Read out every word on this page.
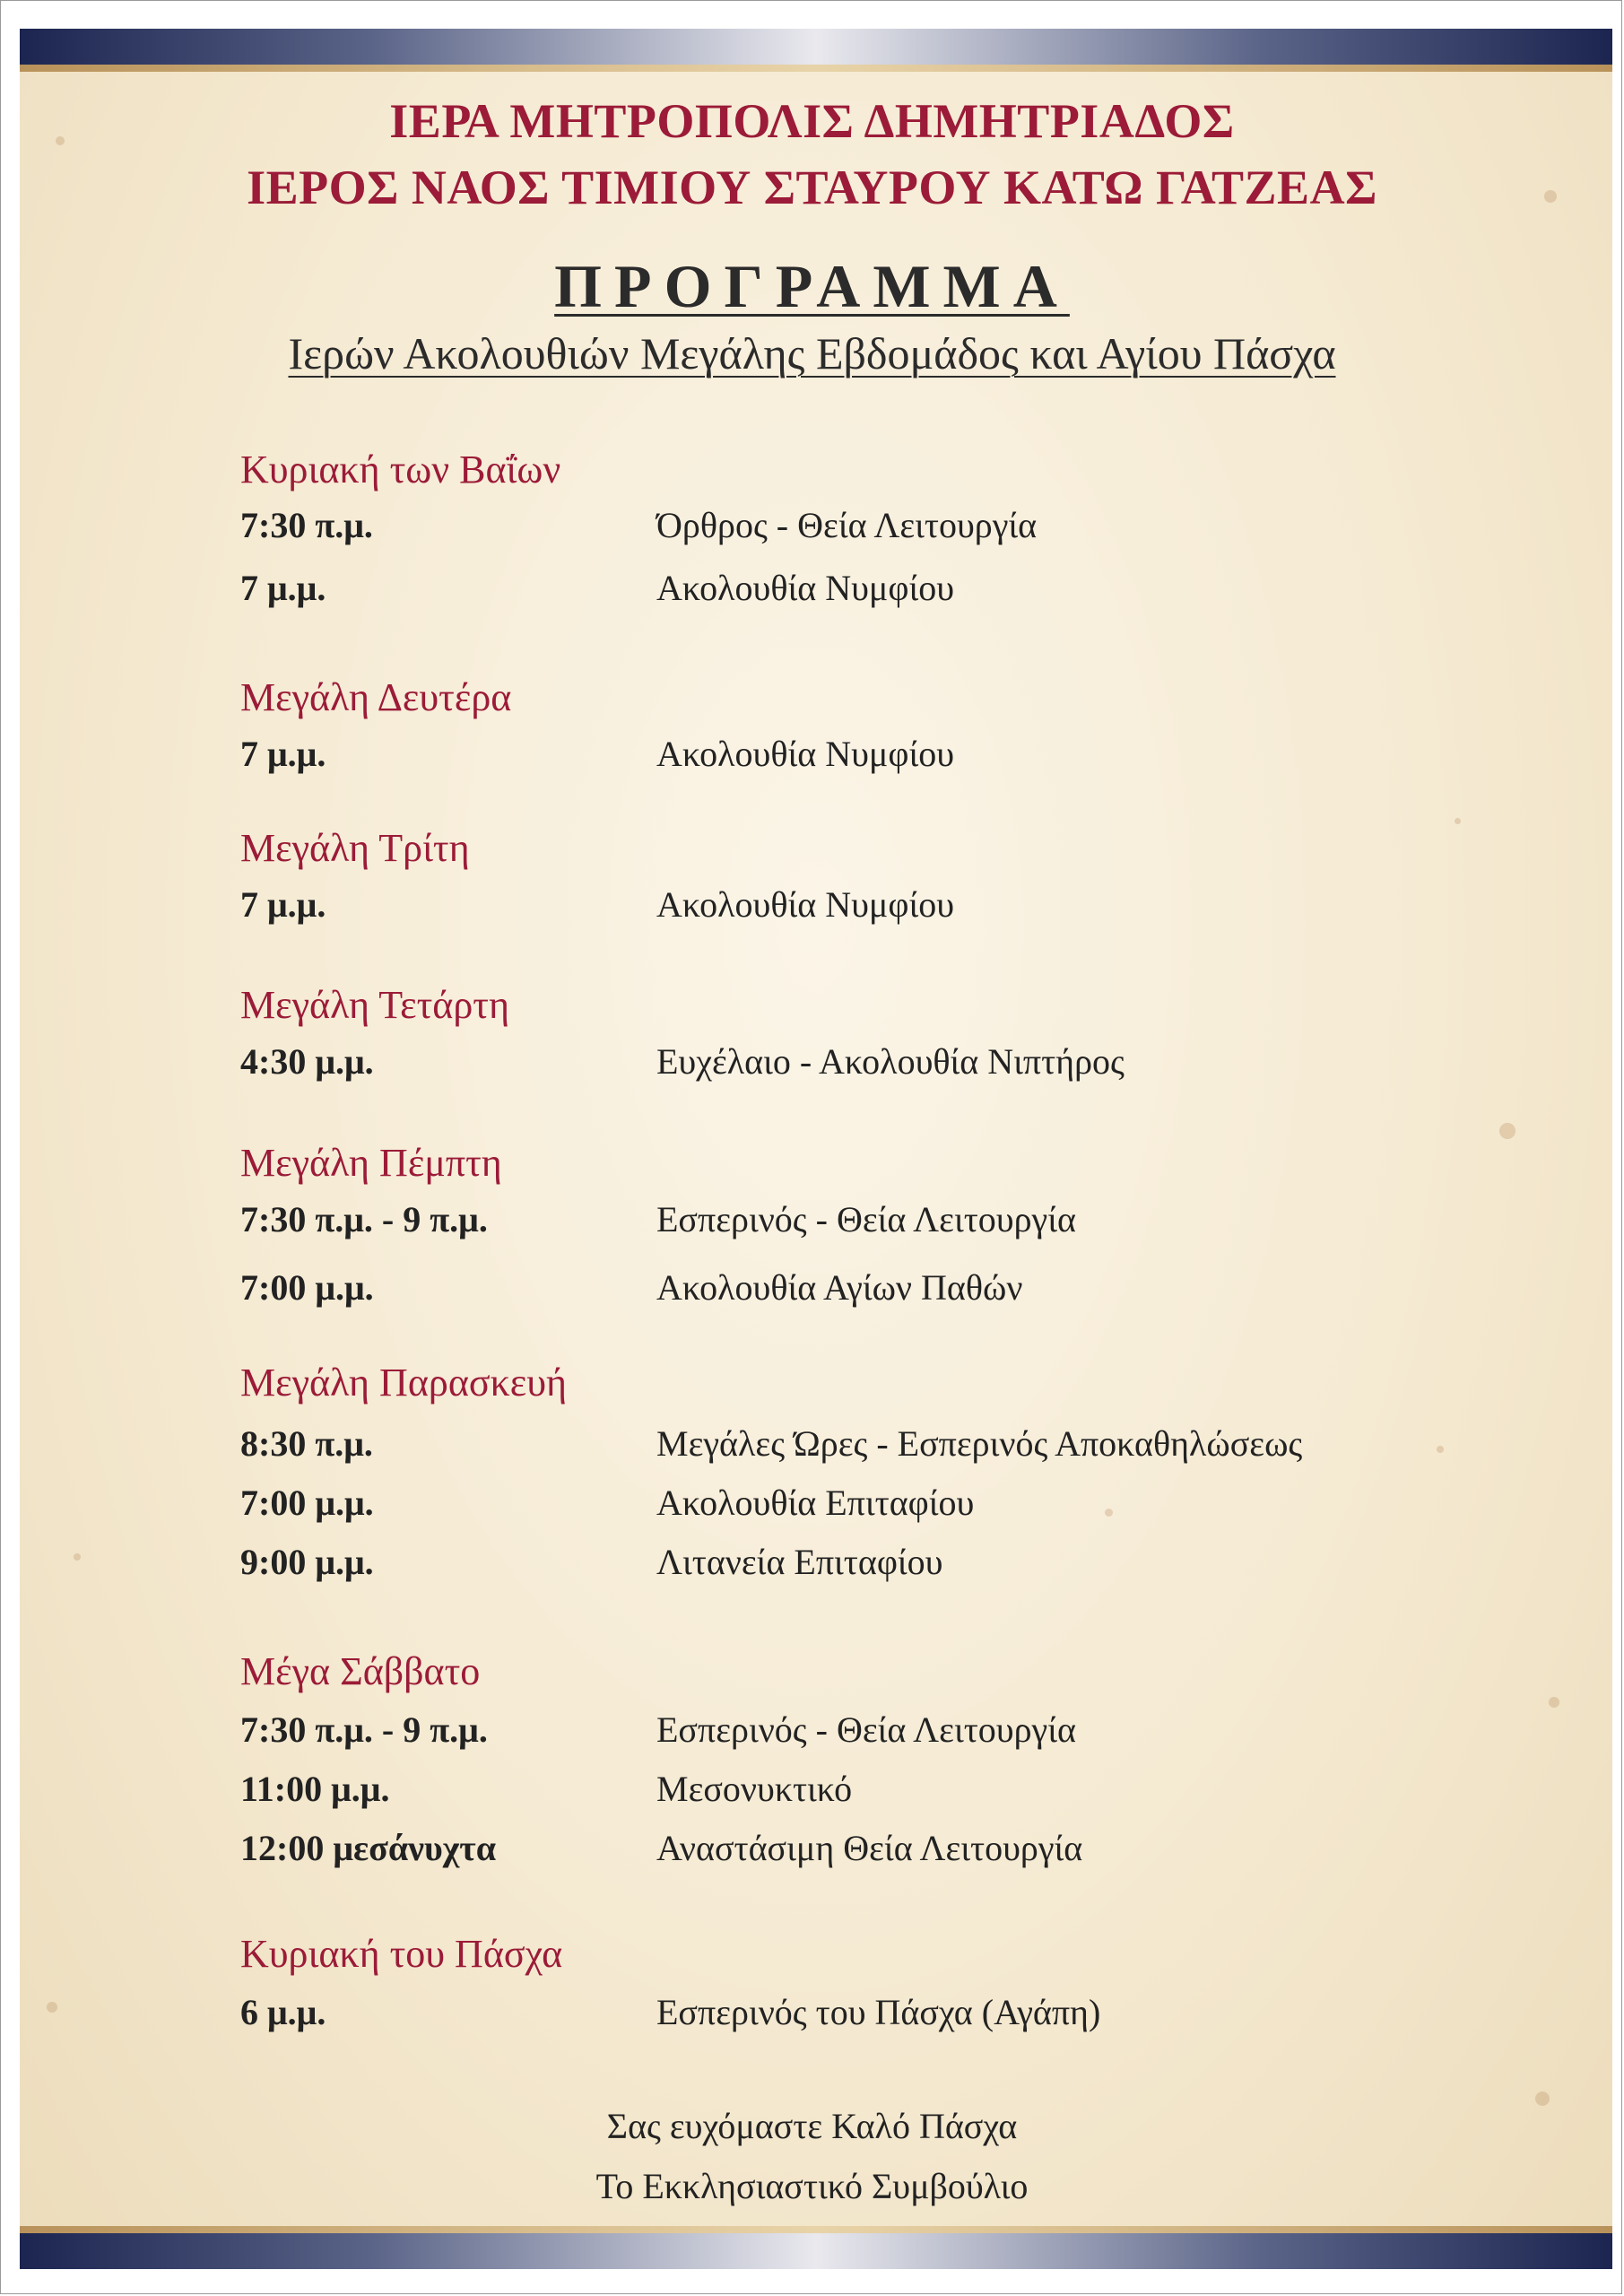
ΙΕΡΑ ΜΗΤΡΟΠΟΛΙΣ ΔΗΜΗΤΡΙΑΔΟΣ
ΙΕΡΟΣ ΝΑΟΣ ΤΙΜΙΟΥ ΣΤΑΥΡΟΥ ΚΑΤΩ ΓΑΤΖΕΑΣ
ΠΡΟΓΡΑΜΜΑ
Ιερών Ακολουθιών Μεγάλης Εβδομάδος και Αγίου Πάσχα
Κυριακή των Βαΐων
7:30 π.μ.	Όρθρος - Θεία Λειτουργία
7 μ.μ.	Ακολουθία Νυμφίου
Μεγάλη Δευτέρα
7 μ.μ.	Ακολουθία Νυμφίου
Μεγάλη Τρίτη
7 μ.μ.	Ακολουθία Νυμφίου
Μεγάλη Τετάρτη
4:30 μ.μ.	Ευχέλαιο - Ακολουθία Νιπτήρος
Μεγάλη Πέμπτη
7:30 π.μ. - 9 π.μ.	Εσπερινός - Θεία Λειτουργία
7:00 μ.μ.	Ακολουθία Αγίων Παθών
Μεγάλη Παρασκευή
8:30 π.μ.	Μεγάλες Ώρες - Εσπερινός Αποκαθηλώσεως
7:00 μ.μ.	Ακολουθία Επιταφίου
9:00 μ.μ.	Λιτανεία Επιταφίου
Μέγα Σάββατο
7:30 π.μ. - 9 π.μ.	Εσπερινός - Θεία Λειτουργία
11:00 μ.μ.	Μεσονυκτικό
12:00 μεσάνυχτα	Αναστάσιμη Θεία Λειτουργία
Κυριακή του Πάσχα
6 μ.μ.	Εσπερινός του Πάσχα (Αγάπη)
Σας ευχόμαστε Καλό Πάσχα
Το Εκκλησιαστικό Συμβούλιο
